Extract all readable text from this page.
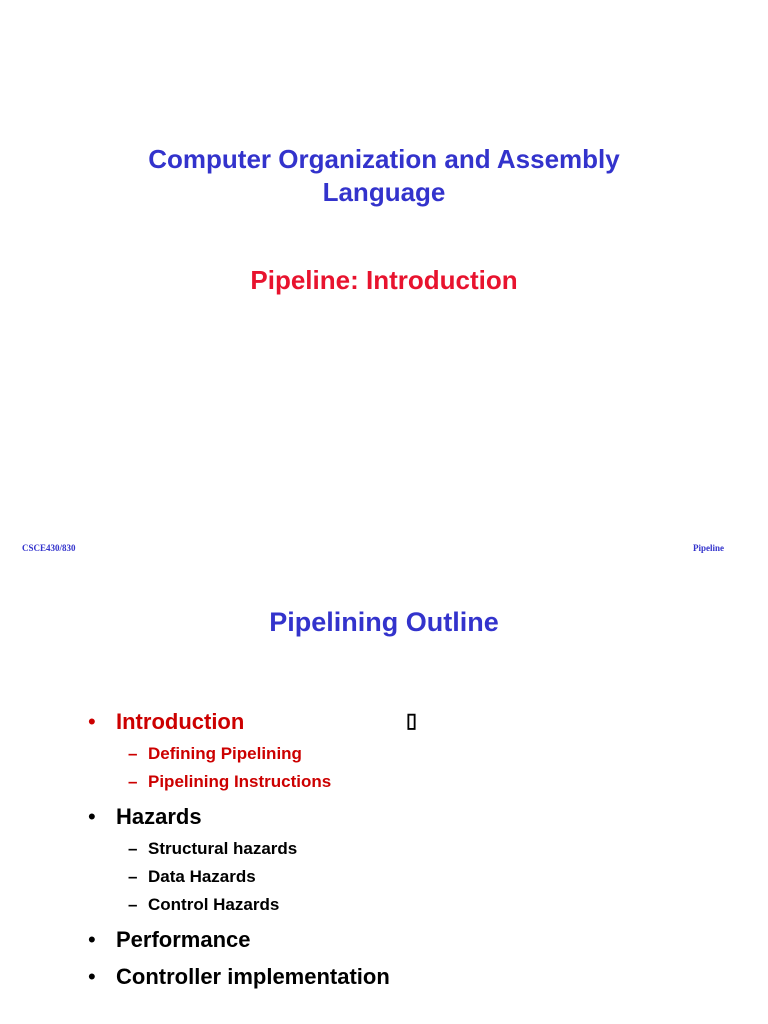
Computer Organization and Assembly
Language
Pipeline: Introduction
CSCE430/830	Pipeline
Pipelining Outline
• Introduction	▯
– Defining Pipelining
– Pipelining Instructions
• Hazards
– Structural hazards
– Data Hazards
– Control Hazards
• Performance
• Controller implementation
